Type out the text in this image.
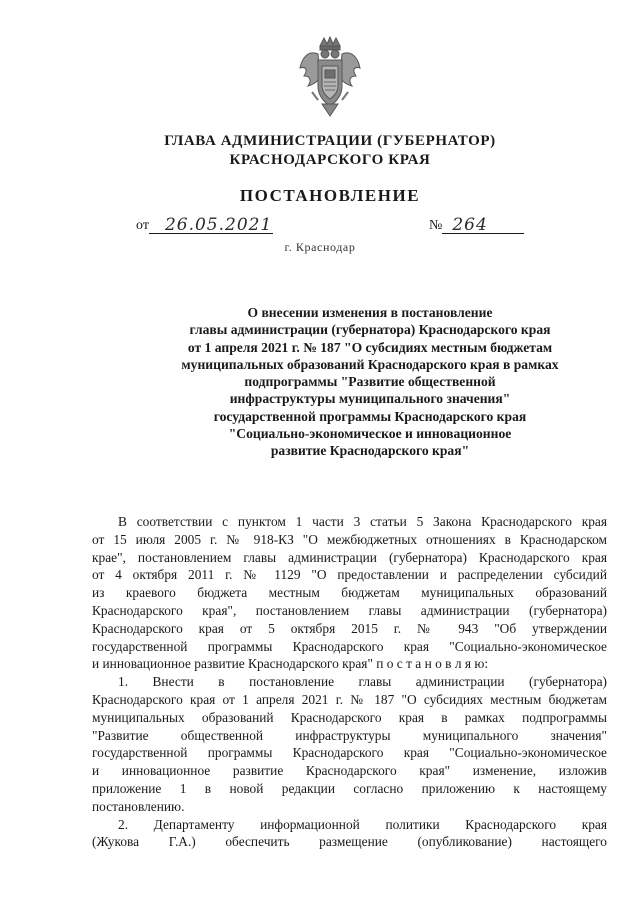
ГЛАВА АДМИНИСТРАЦИИ (ГУБЕРНАТОР)
КРАСНОДАРСКОГО КРАЯ
ПОСТАНОВЛЕНИЕ
от 26.05.2021	№ 264
г. Краснодар
О внесении изменения в постановление
главы администрации (губернатора) Краснодарского края
от 1 апреля 2021 г. № 187 "О субсидиях местным бюджетам
муниципальных образований Краснодарского края в рамках
подпрограммы "Развитие общественной
инфраструктуры муниципального значения"
государственной программы Краснодарского края
"Социально-экономическое и инновационное
развитие Краснодарского края"
В соответствии с пунктом 1 части 3 статьи 5 Закона Краснодарского края
от 15 июля 2005 г. № 918-КЗ "О межбюджетных отношениях в Краснодарском
крае", постановлением главы администрации (губернатора) Краснодарского края
от 4 октября 2011 г. № 1129 "О предоставлении и распределении субсидий
из краевого бюджета местным бюджетам муниципальных образований
Краснодарского края", постановлением главы администрации (губернатора)
Краснодарского края от 5 октября 2015 г. № 943 "Об утверждении
государственной программы Краснодарского края "Социально-экономическое
и инновационное развитие Краснодарского края" п о с т а н о в л я ю:
1. Внести в постановление главы администрации (губернатора)
Краснодарского края от 1 апреля 2021 г. № 187 "О субсидиях местным бюджетам
муниципальных образований Краснодарского края в рамках подпрограммы
"Развитие общественной инфраструктуры муниципального значения"
государственной программы Краснодарского края "Социально-экономическое
и инновационное развитие Краснодарского края" изменение, изложив
приложение 1 в новой редакции согласно приложению к настоящему
постановлению.
2. Департаменту информационной политики Краснодарского края
(Жукова Г.А.) обеспечить размещение (опубликование) настоящего
